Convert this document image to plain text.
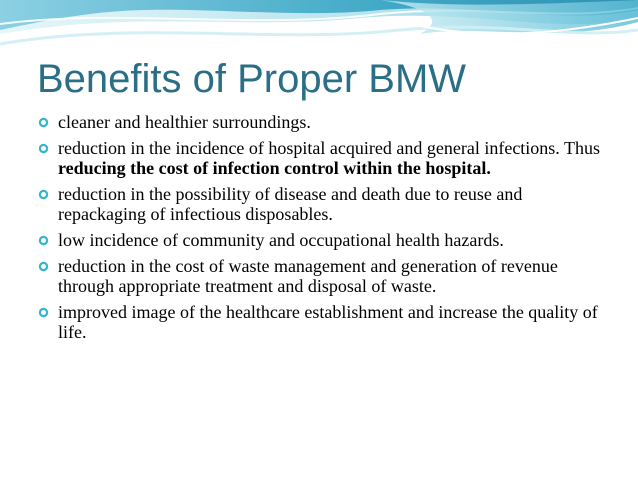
Benefits of Proper BMW
cleaner and healthier surroundings.
reduction in the incidence of hospital acquired and general infections. Thus reducing the cost of infection control within the hospital.
reduction in the possibility of disease and death due to reuse and repackaging of infectious disposables.
low incidence of community and occupational health hazards.
reduction in the cost of waste management and generation of revenue through appropriate treatment and disposal of waste.
improved image of the healthcare establishment and increase the quality of life.
